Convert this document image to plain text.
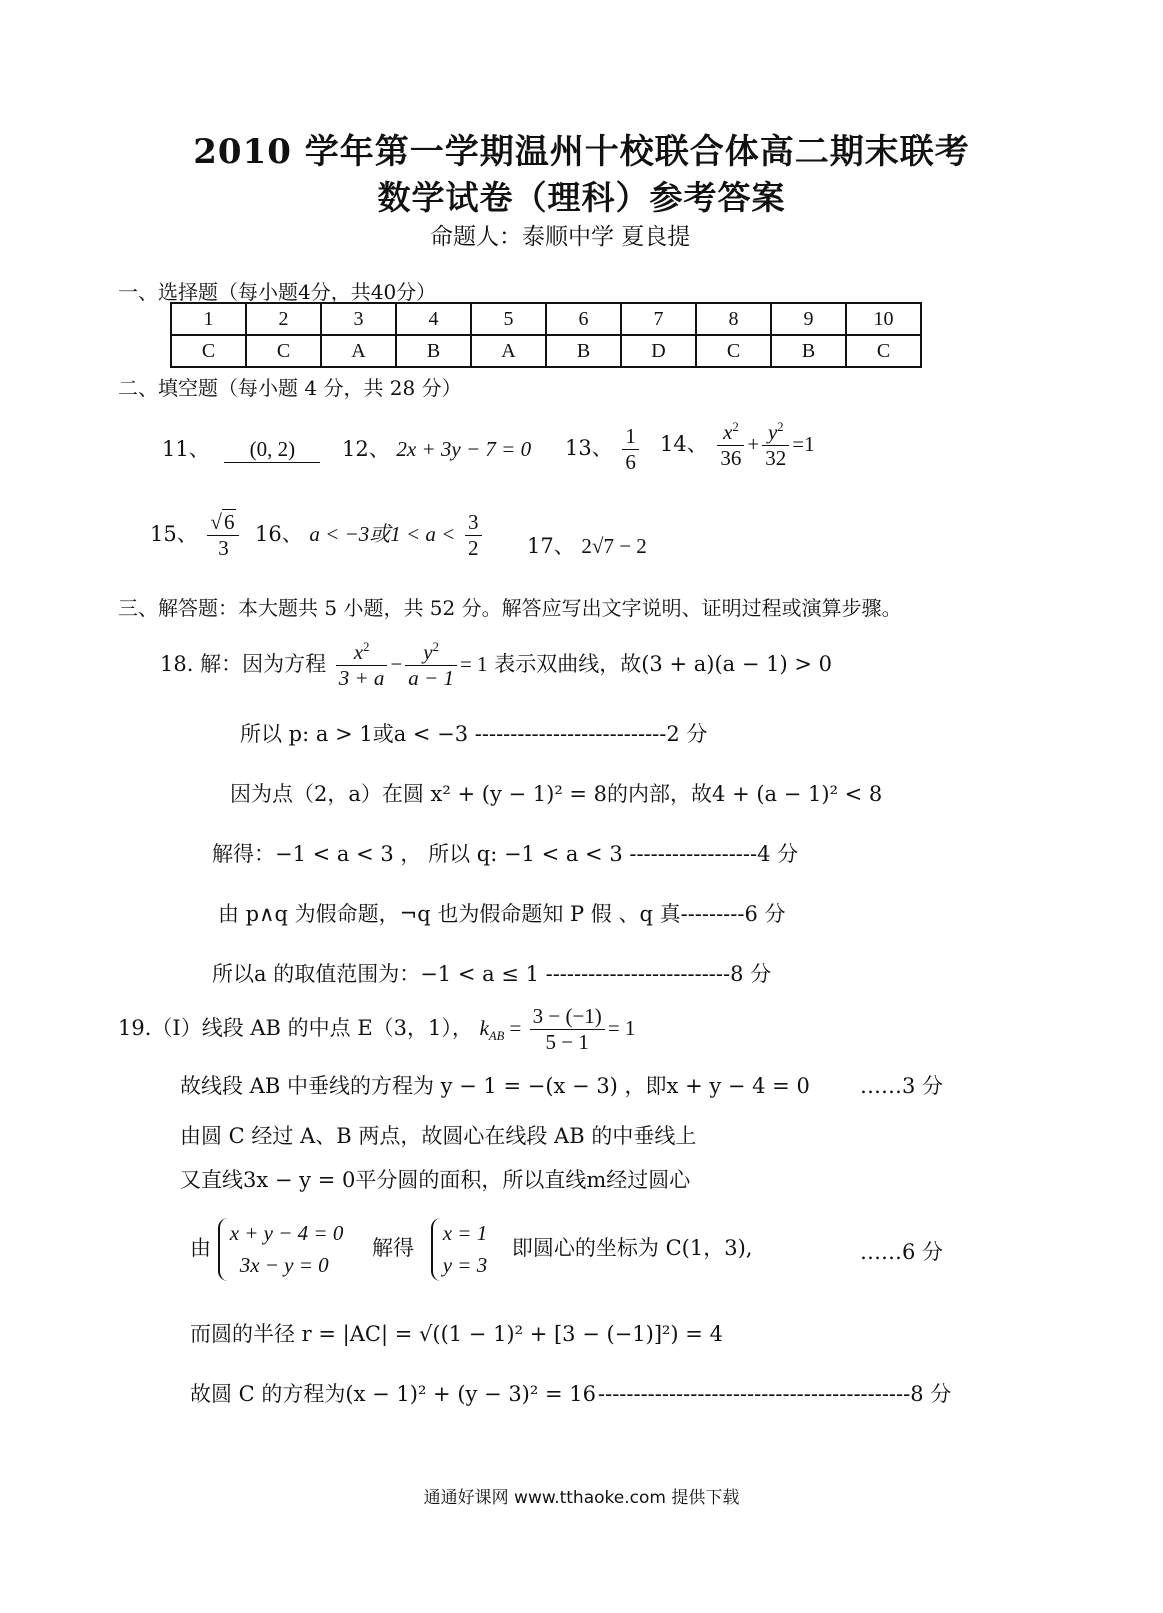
2010 学年第一学期温州十校联合体高二期末联考
数学试卷（理科）参考答案
命题人：泰顺中学 夏良提
一、选择题（每小题4分，共40分）
1	2	3	4	5	6	7	8	9	10
C	C	A	B	A	B	D	C	B	C
二、填空题（每小题 4 分，共 28 分）
11、 (0, 2)	12、 2x + 3y − 7 = 0 13、 $\frac{1}{6} 14$、 $\frac{x^2}{36} + \frac{y^2}{32} =1$
15、 $\frac{√6}{3} 16$、 a < −3或$1 < a < \frac{3}{2} 17$、 2√7 − 2
三、解答题：本大题共 5 小题，共 52 分。解答应写出文字说明、证明过程或演算步骤。
18. 解：因为方程 $\frac{x^2}{3 + a} - \frac{y^2}{a - 1} = 1$ 表示双曲线，故(3 + a)(a − 1) > 0
所以 p: a > 1或a < −3 ---------------------------2 分
因为点（2，a）在圆 x² + (y − 1)² = 8的内部，故4 + (a − 1)² < 8
解得：−1 < a < 3 ， 所以 q: −1 < a < 3 ------------------4 分
由 p∧q 为假命题，¬q 也为假命题知 P 假 、q 真---------6 分
所以a 的取值范围为：−1 < a ≤ 1 --------------------------8 分
19.（Ⅰ）线段 AB 的中点 E（3，1）， $k_{AB} = \frac{3 - (-1)}{5 - 1} = 1$
故线段 AB 中垂线的方程为 y − 1 = −(x − 3) ，即x + y − 4 = 0 ……3 分
由圆 C 经过 A、B 两点，故圆心在线段 AB 的中垂线上
又直线3x − y = 0平分圆的面积，所以直线m经过圆心
由
x + y − 4 = 0
3x − y = 0
解得
x = 1
y = 3
即圆心的坐标为 C(1，3),	……6 分
而圆的半径 r = |AC| = √((1 − 1)² + [3 − (−1)]²) = 4
故圆 C 的方程为(x − 1)² + (y − 3)² = 16 --------------------------------------------8 分
通通好课网 www.tthaoke.com 提供下载
